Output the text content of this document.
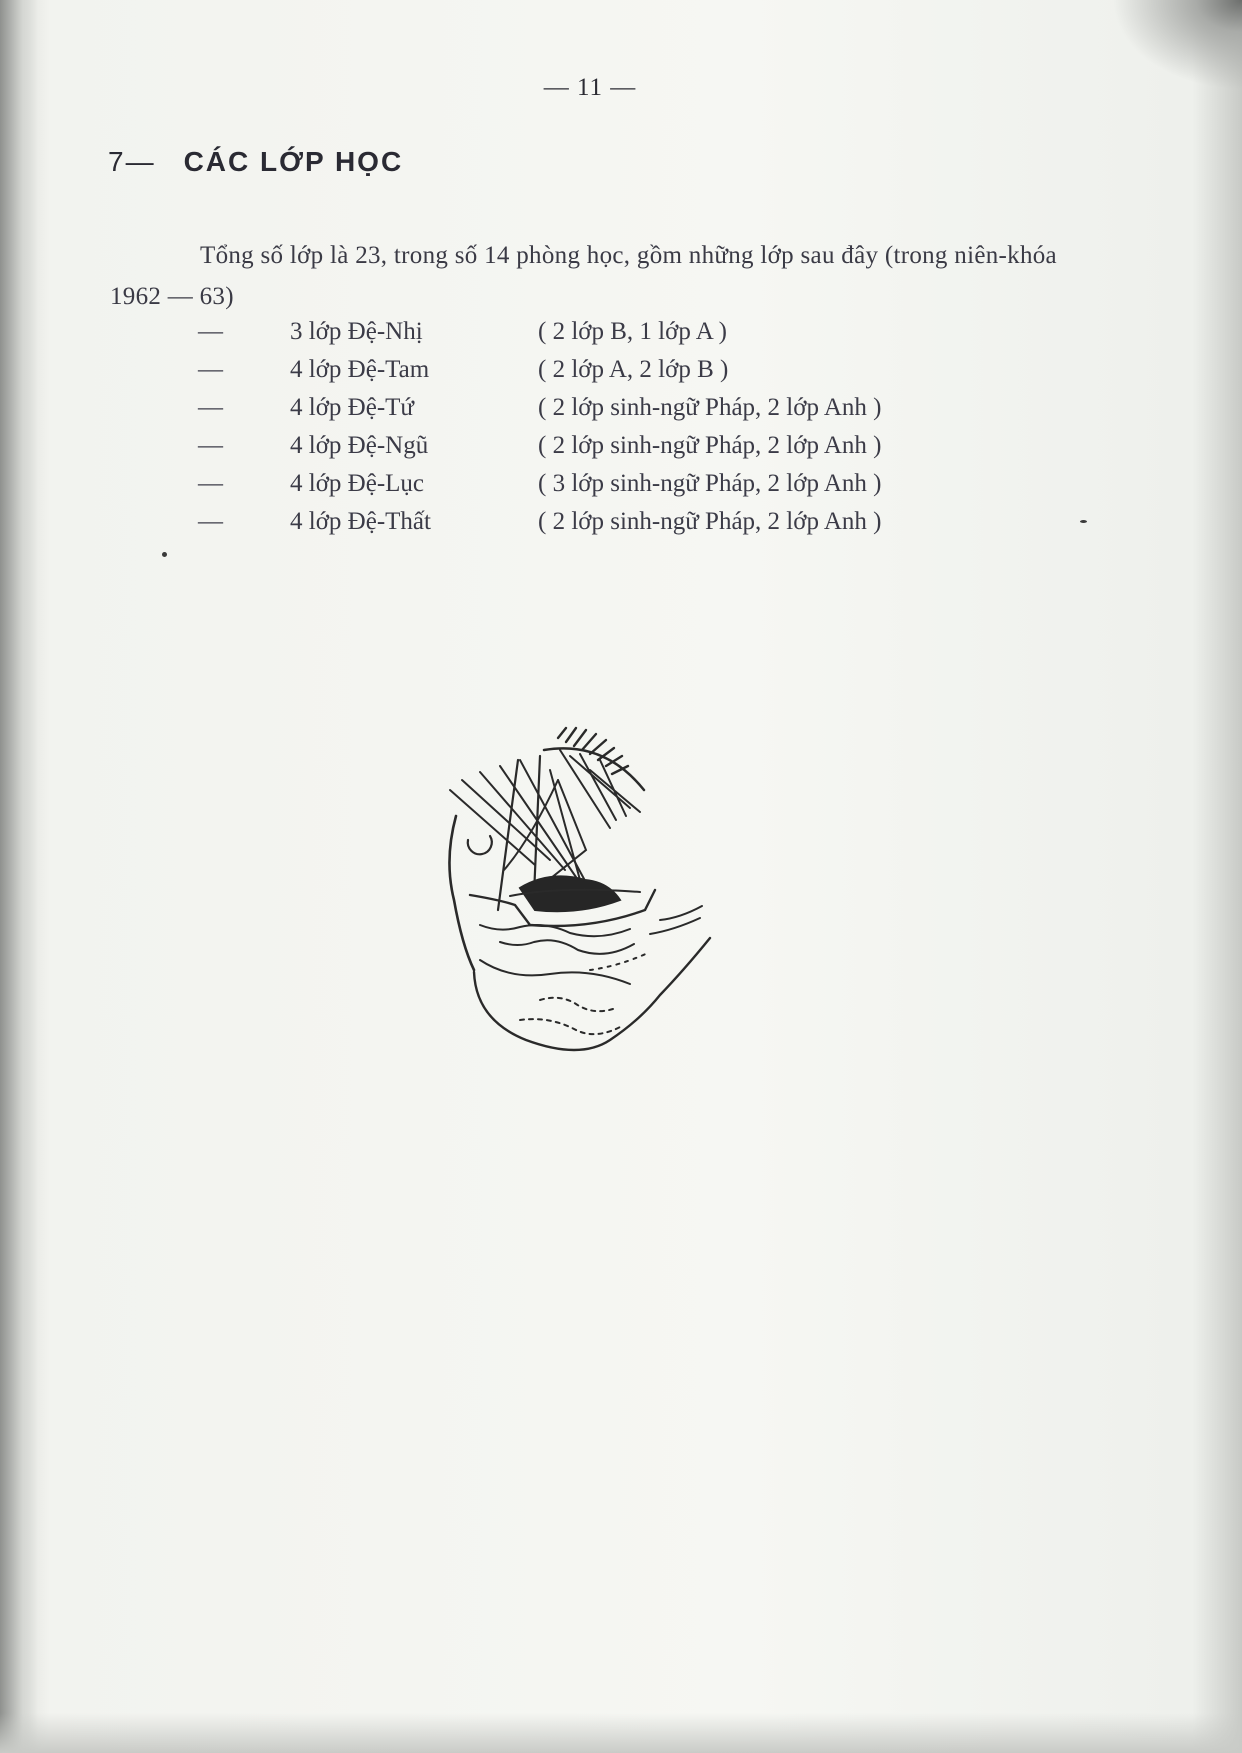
— 11 —
7— CÁC LỚP HỌC

Tổng số lớp là 23, trong số 14 phòng học, gồm những lớp sau đây (trong niên-khóa 1962 — 63)

—	3 lớp Đệ-Nhị	( 2 lớp B, 1 lớp A )
—	4 lớp Đệ-Tam	( 2 lớp A, 2 lớp B )
—	4 lớp Đệ-Tứ	( 2 lớp sinh-ngữ Pháp, 2 lớp Anh )
—	4 lớp Đệ-Ngũ	( 2 lớp sinh-ngữ Pháp, 2 lớp Anh )
—	4 lớp Đệ-Lục	( 3 lớp sinh-ngữ Pháp, 2 lớp Anh )
—	4 lớp Đệ-Thất	( 2 lớp sinh-ngữ Pháp, 2 lớp Anh )
